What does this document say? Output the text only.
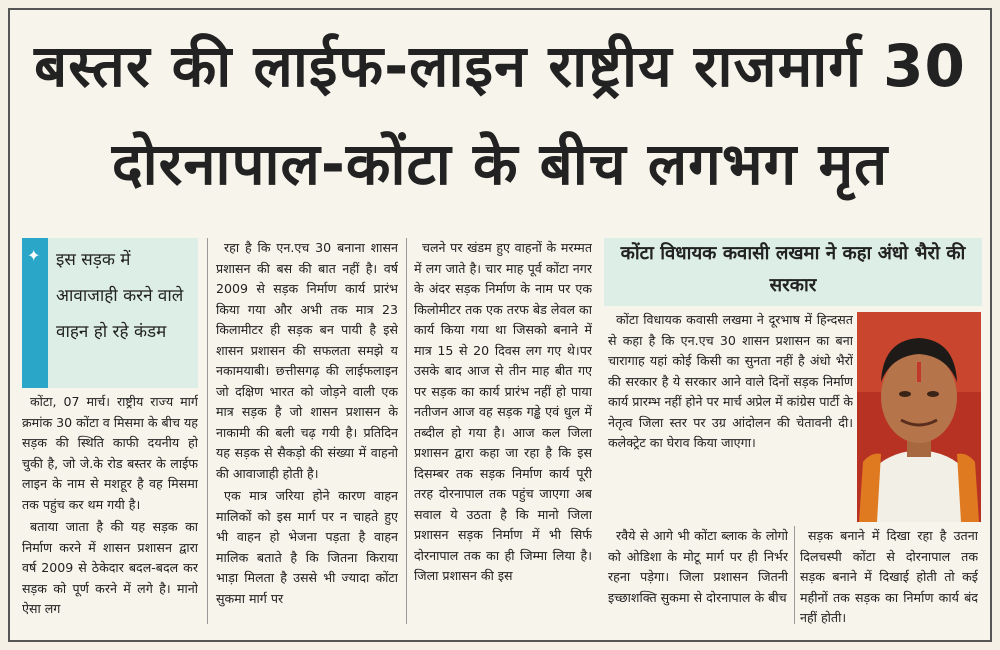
बस्तर की लाईफ-लाइन राष्ट्रीय राजमार्ग 30
दोरनापाल-कोंटा के बीच लगभग मृत
✦ इस सड़क में आवाजाही करने वाले वाहन हो रहे कंडम

कोंटा, 07 मार्च। राष्ट्रीय राज्य मार्ग क्रमांक 30 कोंटा व मिसमा के बीच यह सड़क की स्थिति काफी दयनीय हो चुकी है, जो जे.के रोड बस्तर के लाईफ लाइन के नाम से मशहूर है वह मिसमा तक पहुंच कर थम गयी है।

बताया जाता है की यह सड़क का निर्माण करने में शासन प्रशासन द्वारा वर्ष 2009 से ठेकेदार बदल-बदल कर सड़क को पूर्ण करने में लगे है। मानो ऐसा लग

रहा है कि एन.एच 30 बनाना शासन प्रशासन की बस की बात नहीं है। वर्ष 2009 से सड़क निर्माण कार्य प्रारंभ किया गया और अभी तक मात्र 23 किलामीटर ही सड़क बन पायी है इसे शासन प्रशासन की सफलता समझे य नकामयाबी। छत्तीसगढ़ की लाईफलाइन जो दक्षिण भारत को जोड़ने वाली एक मात्र सड़क है जो शासन प्रशासन के नाकामी की बली चढ़ गयी है। प्रतिदिन यह सड़क से सैकड़ो की संख्या में वाहनो की आवाजाही होती है।

एक मात्र जरिया होने कारण वाहन मालिकों को इस मार्ग पर न चाहते हुए भी वाहन हो भेजना पड़ता है वाहन मालिक बताते है कि जितना किराया भाड़ा मिलता है उससे भी ज्यादा कोंटा सुकमा मार्ग पर

चलने पर खंडम हुए वाहनों के मरम्मत में लग जाते है। चार माह पूर्व कोंटा नगर के अंदर सड़क निर्माण के नाम पर एक किलोमीटर तक एक तरफ बेड लेवल का कार्य किया गया था जिसको बनाने में मात्र 15 से 20 दिवस लग गए थे।पर उसके बाद आज से तीन माह बीत गए पर सड़क का कार्य प्रारंभ नहीं हो पाया नतीजन आज वह सड़क गड्ढे एवं धुल में तब्दील हो गया है। आज कल जिला प्रशासन द्वारा कहा जा रहा है कि इस दिसम्बर तक सड़क निर्माण कार्य पूरी तरह दोरनापाल तक पहुंच जाएगा अब सवाल ये उठता है कि मानो जिला प्रशासन सड़क निर्माण में भी सिर्फ दोरनापाल तक का ही जिम्मा लिया है। जिला प्रशासन की इस

कोंटा विधायक कवासी लखमा ने कहा अंधो भैरो की सरकार

कोंटा विधायक कवासी लखमा ने दूरभाष में हिन्दसत से कहा है कि एन.एच 30 शासन प्रशासन का बना चारागाह यहां कोई किसी का सुनता नहीं है अंधो भैरों की सरकार है ये सरकार आने वाले दिनों सड़क निर्माण कार्य प्रारम्भ नहीं होने पर मार्च अप्रेल में कांग्रेस पार्टी के नेतृत्व जिला स्तर पर उग्र आंदोलन की चेतावनी दी। कलेक्ट्रेट का घेराव किया जाएगा।

रवैये से आगे भी कोंटा ब्लाक के लोगो को ओडिशा के मोटू मार्ग पर ही निर्भर रहना पड़ेगा। जिला प्रशासन जितनी इच्छाशक्ति सुकमा से दोरनापाल के बीच

सड़क बनाने में दिखा रहा है उतना दिलचस्पी कोंटा से दोरनापाल तक सड़क बनाने में दिखाई होती तो कई महीनों तक सड़क का निर्माण कार्य बंद नहीं होती।
